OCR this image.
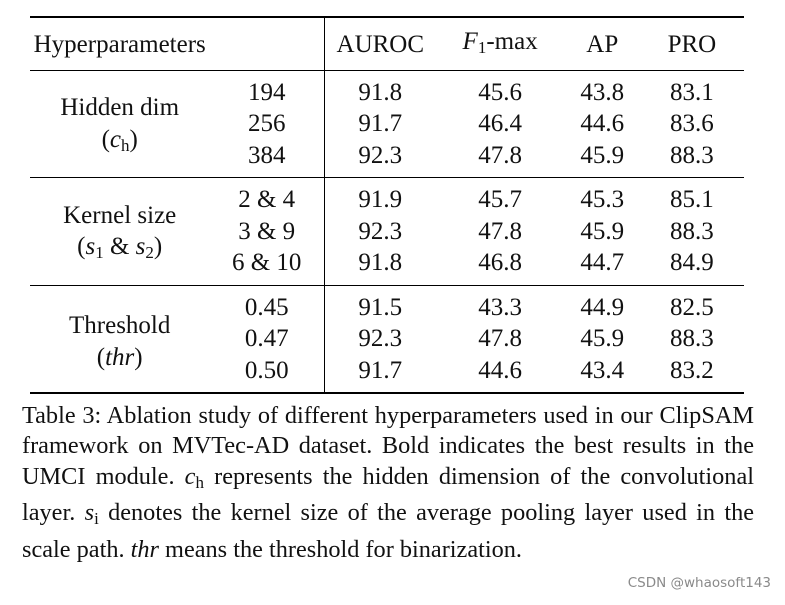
Hyperparameters		AUROC	$F_1-\max$	AP	PRO

Hidden dim
$(c_h)$	194	91.8	45.6	43.8	83.1
	256	91.7	46.4	44.6	83.6
	384	92.3	47.8	45.9	88.3

Kernel size
($s_1$ & $s_2$)	2 & 4	91.9	45.7	45.3	85.1
	3 & 9	92.3	47.8	45.9	88.3
	6 & 10	91.8	46.8	44.7	84.9

Threshold
(thr)	0.45	91.5	43.3	44.9	82.5
	0.47	92.3	47.8	45.9	88.3
	0.50	91.7	44.6	43.4	83.2

Table 3: Ablation study of different hyperparameters used in our ClipSAM framework on MVTec-AD dataset. Bold indicates the best results in the UMCI module. $c_h$ represents the hidden dimension of the convolutional layer. $s_i$ denotes the kernel size of the average pooling layer used in the scale path. thr means the threshold for binarization.

CSDN @whaosoft143
